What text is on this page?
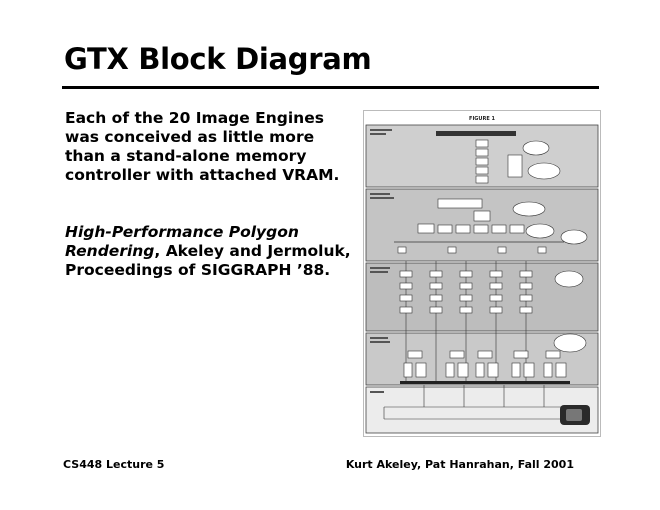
GTX Block Diagram
Each of the 20 Image Engines was conceived as little more than a stand-alone memory controller with attached VRAM.
High-Performance Polygon Rendering, Akeley and Jermoluk, Proceedings of SIGGRAPH ’88.
FIGURE 1
CS448 Lecture 5	Kurt Akeley, Pat Hanrahan, Fall 2001
